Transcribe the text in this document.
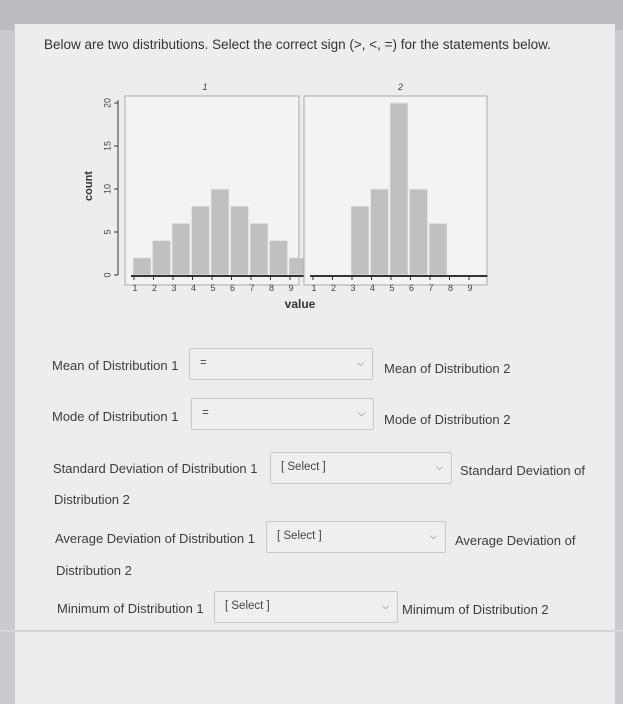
Below are two distributions. Select the correct sign (>, <, =) for the statements below.
1
1 2 3 4 5 6 7 8 9
2
1 2 3 4 5 6 7 8 9
0
5
10
15
20
count
value
Mean of Distribution 1 =	⌵ Mean of Distribution 2
Mode of Distribution 1 =	⌵ Mode of Distribution 2
Standard Deviation of Distribution 1 [ Select ]	⌵ Standard Deviation of
Distribution 2
Average Deviation of Distribution 1 [ Select ]	⌵ Average Deviation of
Distribution 2
Minimum of Distribution 1 [ Select ]	⌵ Minimum of Distribution 2
